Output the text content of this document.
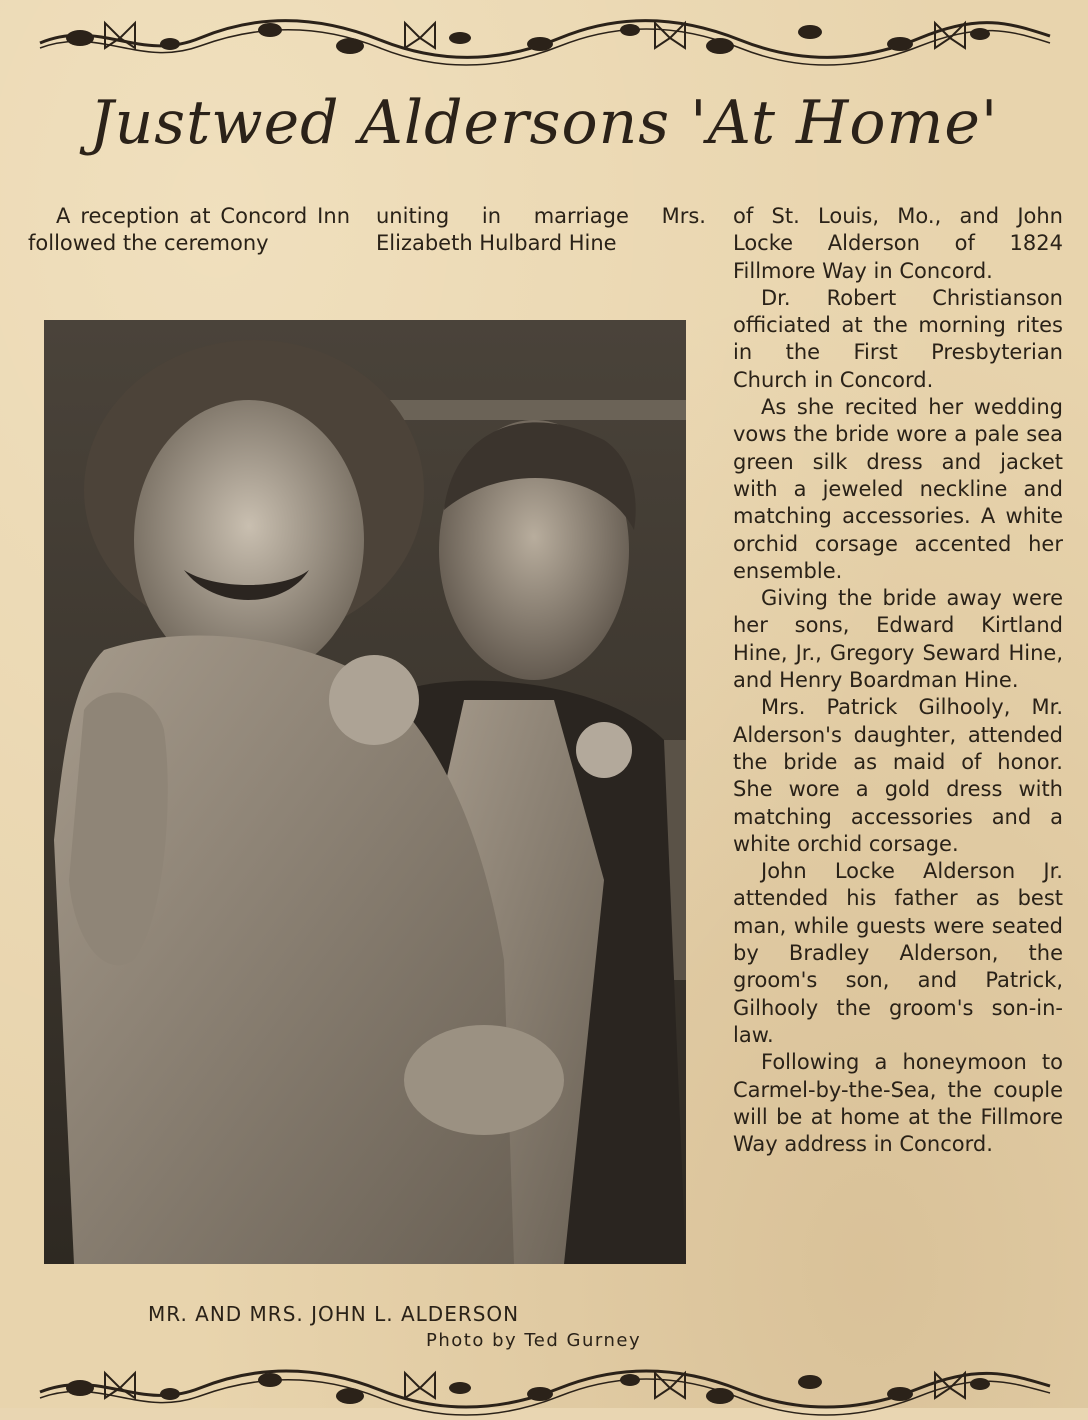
Justwed Aldersons 'At Home'

A reception at Concord Inn followed the ceremony

uniting in marriage Mrs. Elizabeth Hulbard Hine

MR. AND MRS. JOHN L. ALDERSON
Photo by Ted Gurney

of St. Louis, Mo., and John Locke Alderson of 1824 Fillmore Way in Concord.

Dr. Robert Christianson officiated at the morning rites in the First Presbyterian Church in Concord.

As she recited her wedding vows the bride wore a pale sea green silk dress and jacket with a jeweled neckline and matching accessories. A white orchid corsage accented her ensemble.

Giving the bride away were her sons, Edward Kirtland Hine, Jr., Gregory Seward Hine, and Henry Boardman Hine.

Mrs. Patrick Gilhooly, Mr. Alderson's daughter, attended the bride as maid of honor. She wore a gold dress with matching accessories and a white orchid corsage.

John Locke Alderson Jr. attended his father as best man, while guests were seated by Bradley Alderson, the groom's son, and Patrick, Gilhooly the groom's son-in-law.

Following a honeymoon to Carmel-by-the-Sea, the couple will be at home at the Fillmore Way address in Concord.
